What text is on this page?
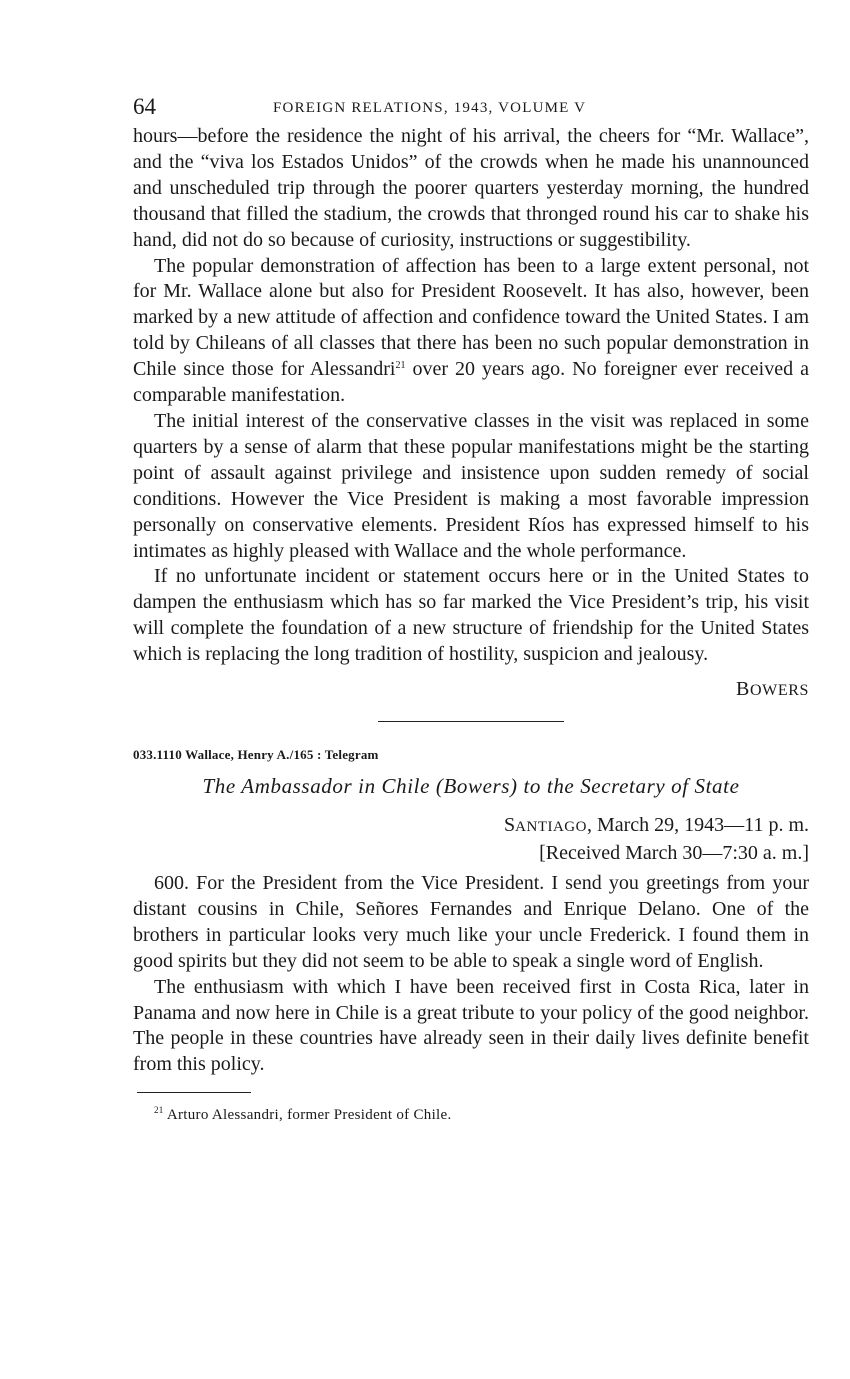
64	FOREIGN RELATIONS, 1943, VOLUME V

hours—before the residence the night of his arrival, the cheers for “Mr. Wallace”, and the “viva los Estados Unidos” of the crowds when he made his unannounced and unscheduled trip through the poorer quarters yesterday morning, the hundred thousand that filled the stadium, the crowds that thronged round his car to shake his hand, did not do so because of curiosity, instructions or suggestibility.

The popular demonstration of affection has been to a large extent personal, not for Mr. Wallace alone but also for President Roosevelt. It has also, however, been marked by a new attitude of affection and confidence toward the United States. I am told by Chileans of all classes that there has been no such popular demonstration in Chile since those for Alessandri$^{21}$ over 20 years ago. No foreigner ever received a comparable manifestation.

The initial interest of the conservative classes in the visit was replaced in some quarters by a sense of alarm that these popular manifestations might be the starting point of assault against privilege and insistence upon sudden remedy of social conditions. However the Vice President is making a most favorable impression personally on conservative elements. President Ríos has expressed himself to his intimates as highly pleased with Wallace and the whole performance.

If no unfortunate incident or statement occurs here or in the United States to dampen the enthusiasm which has so far marked the Vice President’s trip, his visit will complete the foundation of a new structure of friendship for the United States which is replacing the long tradition of hostility, suspicion and jealousy.

BOWERS
033.1110 Wallace, Henry A./165 : Telegram
The Ambassador in Chile (Bowers) to the Secretary of State
SANTIAGO, March 29, 1943—11 p. m.
[Received March 30—7:30 a. m.]

600. For the President from the Vice President. I send you greetings from your distant cousins in Chile, Señores Fernandes and Enrique Delano. One of the brothers in particular looks very much like your uncle Frederick. I found them in good spirits but they did not seem to be able to speak a single word of English.

The enthusiasm with which I have been received first in Costa Rica, later in Panama and now here in Chile is a great tribute to your policy of the good neighbor. The people in these countries have already seen in their daily lives definite benefit from this policy.

$^{21}$ Arturo Alessandri, former President of Chile.
